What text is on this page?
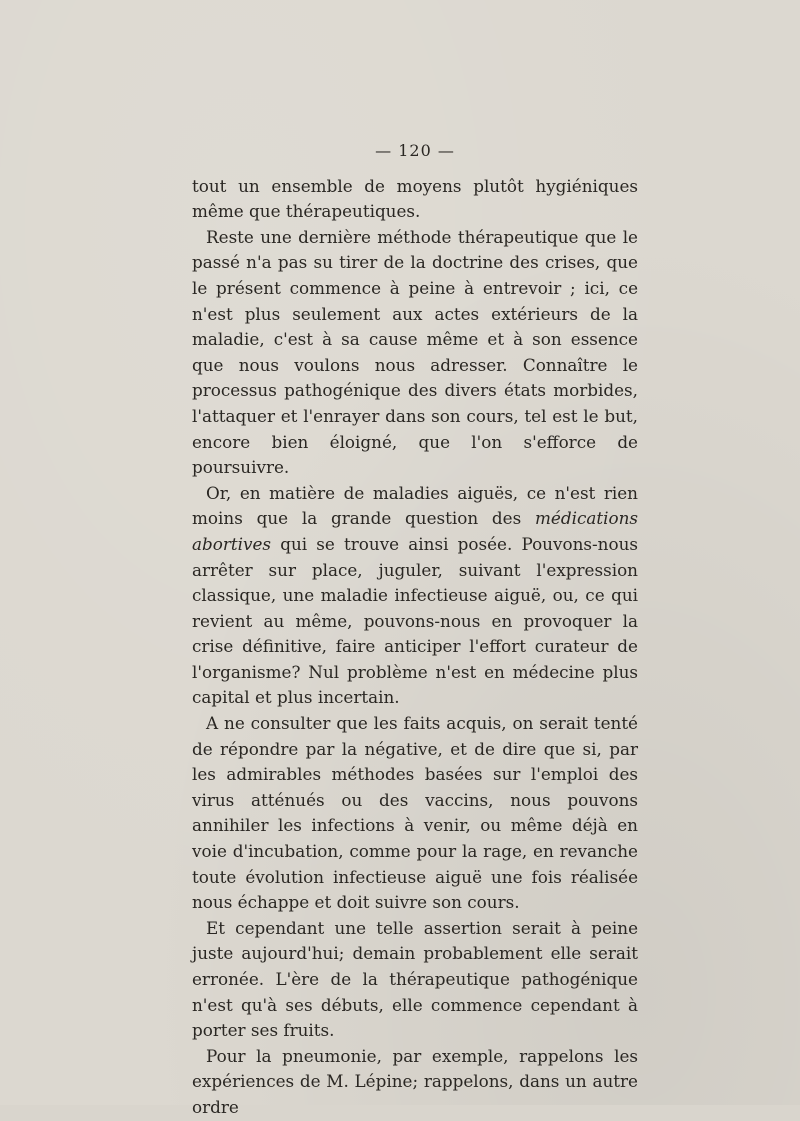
— 120 —

tout un ensemble de moyens plutôt hygiéniques même que thérapeutiques.

Reste une dernière méthode thérapeutique que le passé n'a pas su tirer de la doctrine des crises, que le présent commence à peine à entrevoir ; ici, ce n'est plus seulement aux actes extérieurs de la maladie, c'est à sa cause même et à son essence que nous voulons nous adresser. Connaître le processus pathogénique des divers états morbides, l'attaquer et l'enrayer dans son cours, tel est le but, encore bien éloigné, que l'on s'efforce de poursuivre.

Or, en matière de maladies aiguës, ce n'est rien moins que la grande question des médications abortives qui se trouve ainsi posée. Pouvons-nous arrêter sur place, juguler, suivant l'expression classique, une maladie infectieuse aiguë, ou, ce qui revient au même, pouvons-nous en provoquer la crise définitive, faire anticiper l'effort curateur de l'organisme? Nul problème n'est en médecine plus capital et plus incertain.

A ne consulter que les faits acquis, on serait tenté de répondre par la négative, et de dire que si, par les admirables méthodes basées sur l'emploi des virus atténués ou des vaccins, nous pouvons annihiler les infections à venir, ou même déjà en voie d'incubation, comme pour la rage, en revanche toute évolution infectieuse aiguë une fois réalisée nous échappe et doit suivre son cours.

Et cependant une telle assertion serait à peine juste aujourd'hui; demain probablement elle serait erronée. L'ère de la thérapeutique pathogénique n'est qu'à ses débuts, elle commence cependant à porter ses fruits.

Pour la pneumonie, par exemple, rappelons les expériences de M. Lépine; rappelons, dans un autre ordre
